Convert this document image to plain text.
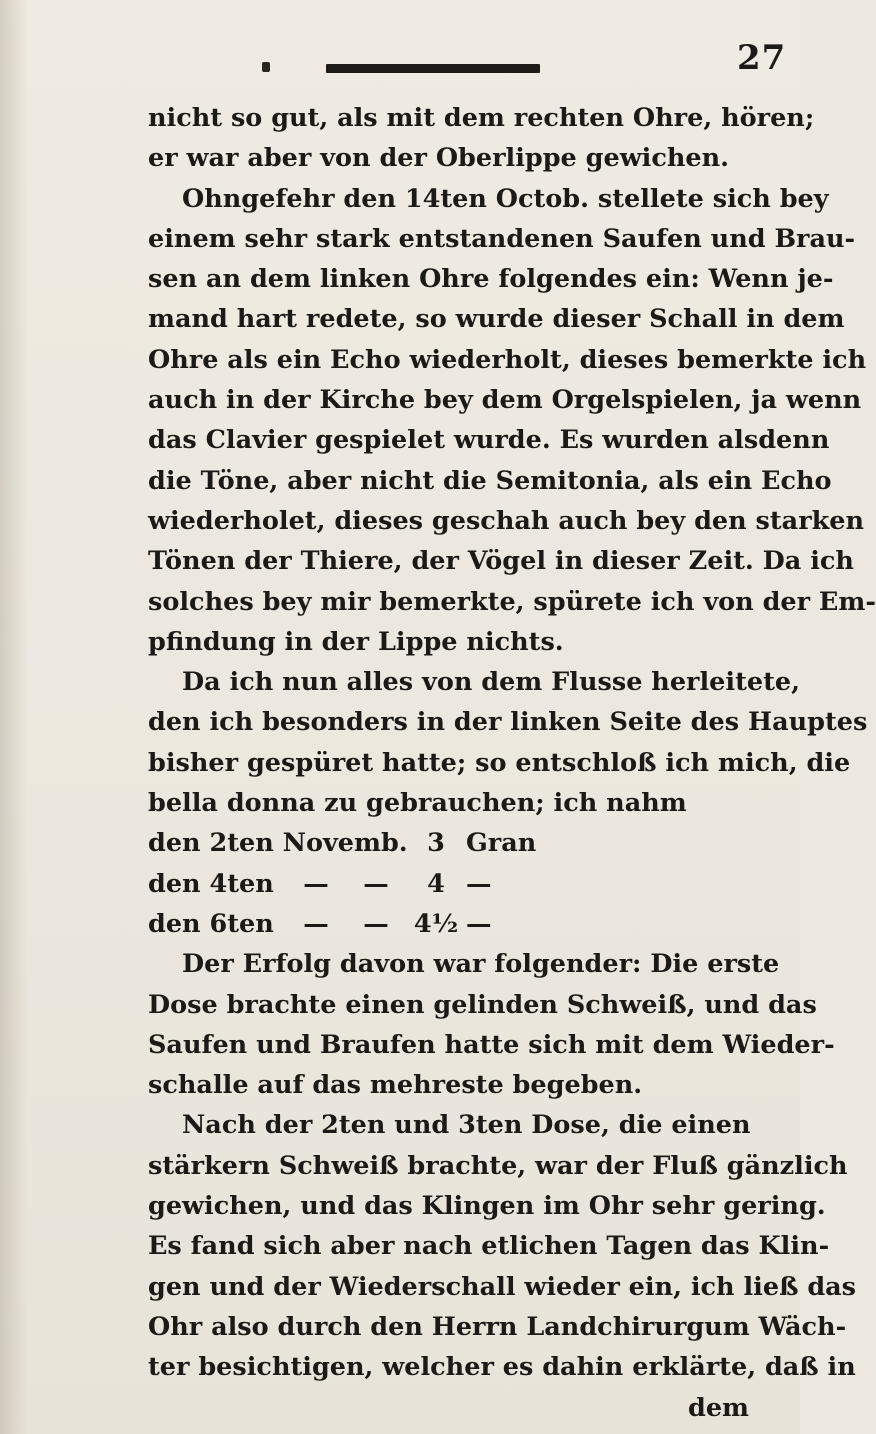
27
nicht so gut, als mit dem rechten Ohre, hören;
er war aber von der Oberlippe gewichen.
Ohngefehr den 14ten Octob. stellete sich bey
einem sehr stark entstandenen Saufen und Brau-
sen an dem linken Ohre folgendes ein: Wenn je-
mand hart redete, so wurde dieser Schall in dem
Ohre als ein Echo wiederholt, dieses bemerkte ich
auch in der Kirche bey dem Orgelspielen, ja wenn
das Clavier gespielet wurde. Es wurden alsdenn
die Töne, aber nicht die Semitonia, als ein Echo
wiederholet, dieses geschah auch bey den starken
Tönen der Thiere, der Vögel in dieser Zeit. Da ich
solches bey mir bemerkte, spürete ich von der Em-
pfindung in der Lippe nichts.
Da ich nun alles von dem Flusse herleitete,
den ich besonders in der linken Seite des Hauptes
bisher gespüret hatte; so entschloß ich mich, die
bella donna zu gebrauchen; ich nahm
den 2ten Novemb. 3 Gran
den 4ten	—	—	4 —
den 6ten	—	— 4½ —
Der Erfolg davon war folgender: Die erste
Dose brachte einen gelinden Schweiß, und das
Saufen und Braufen hatte sich mit dem Wieder-
schalle auf das mehreste begeben.
Nach der 2ten und 3ten Dose, die einen
stärkern Schweiß brachte, war der Fluß gänzlich
gewichen, und das Klingen im Ohr sehr gering.
Es fand sich aber nach etlichen Tagen das Klin-
gen und der Wiederschall wieder ein, ich ließ das
Ohr also durch den Herrn Landchirurgum Wäch-
ter besichtigen, welcher es dahin erklärte, daß in
dem
